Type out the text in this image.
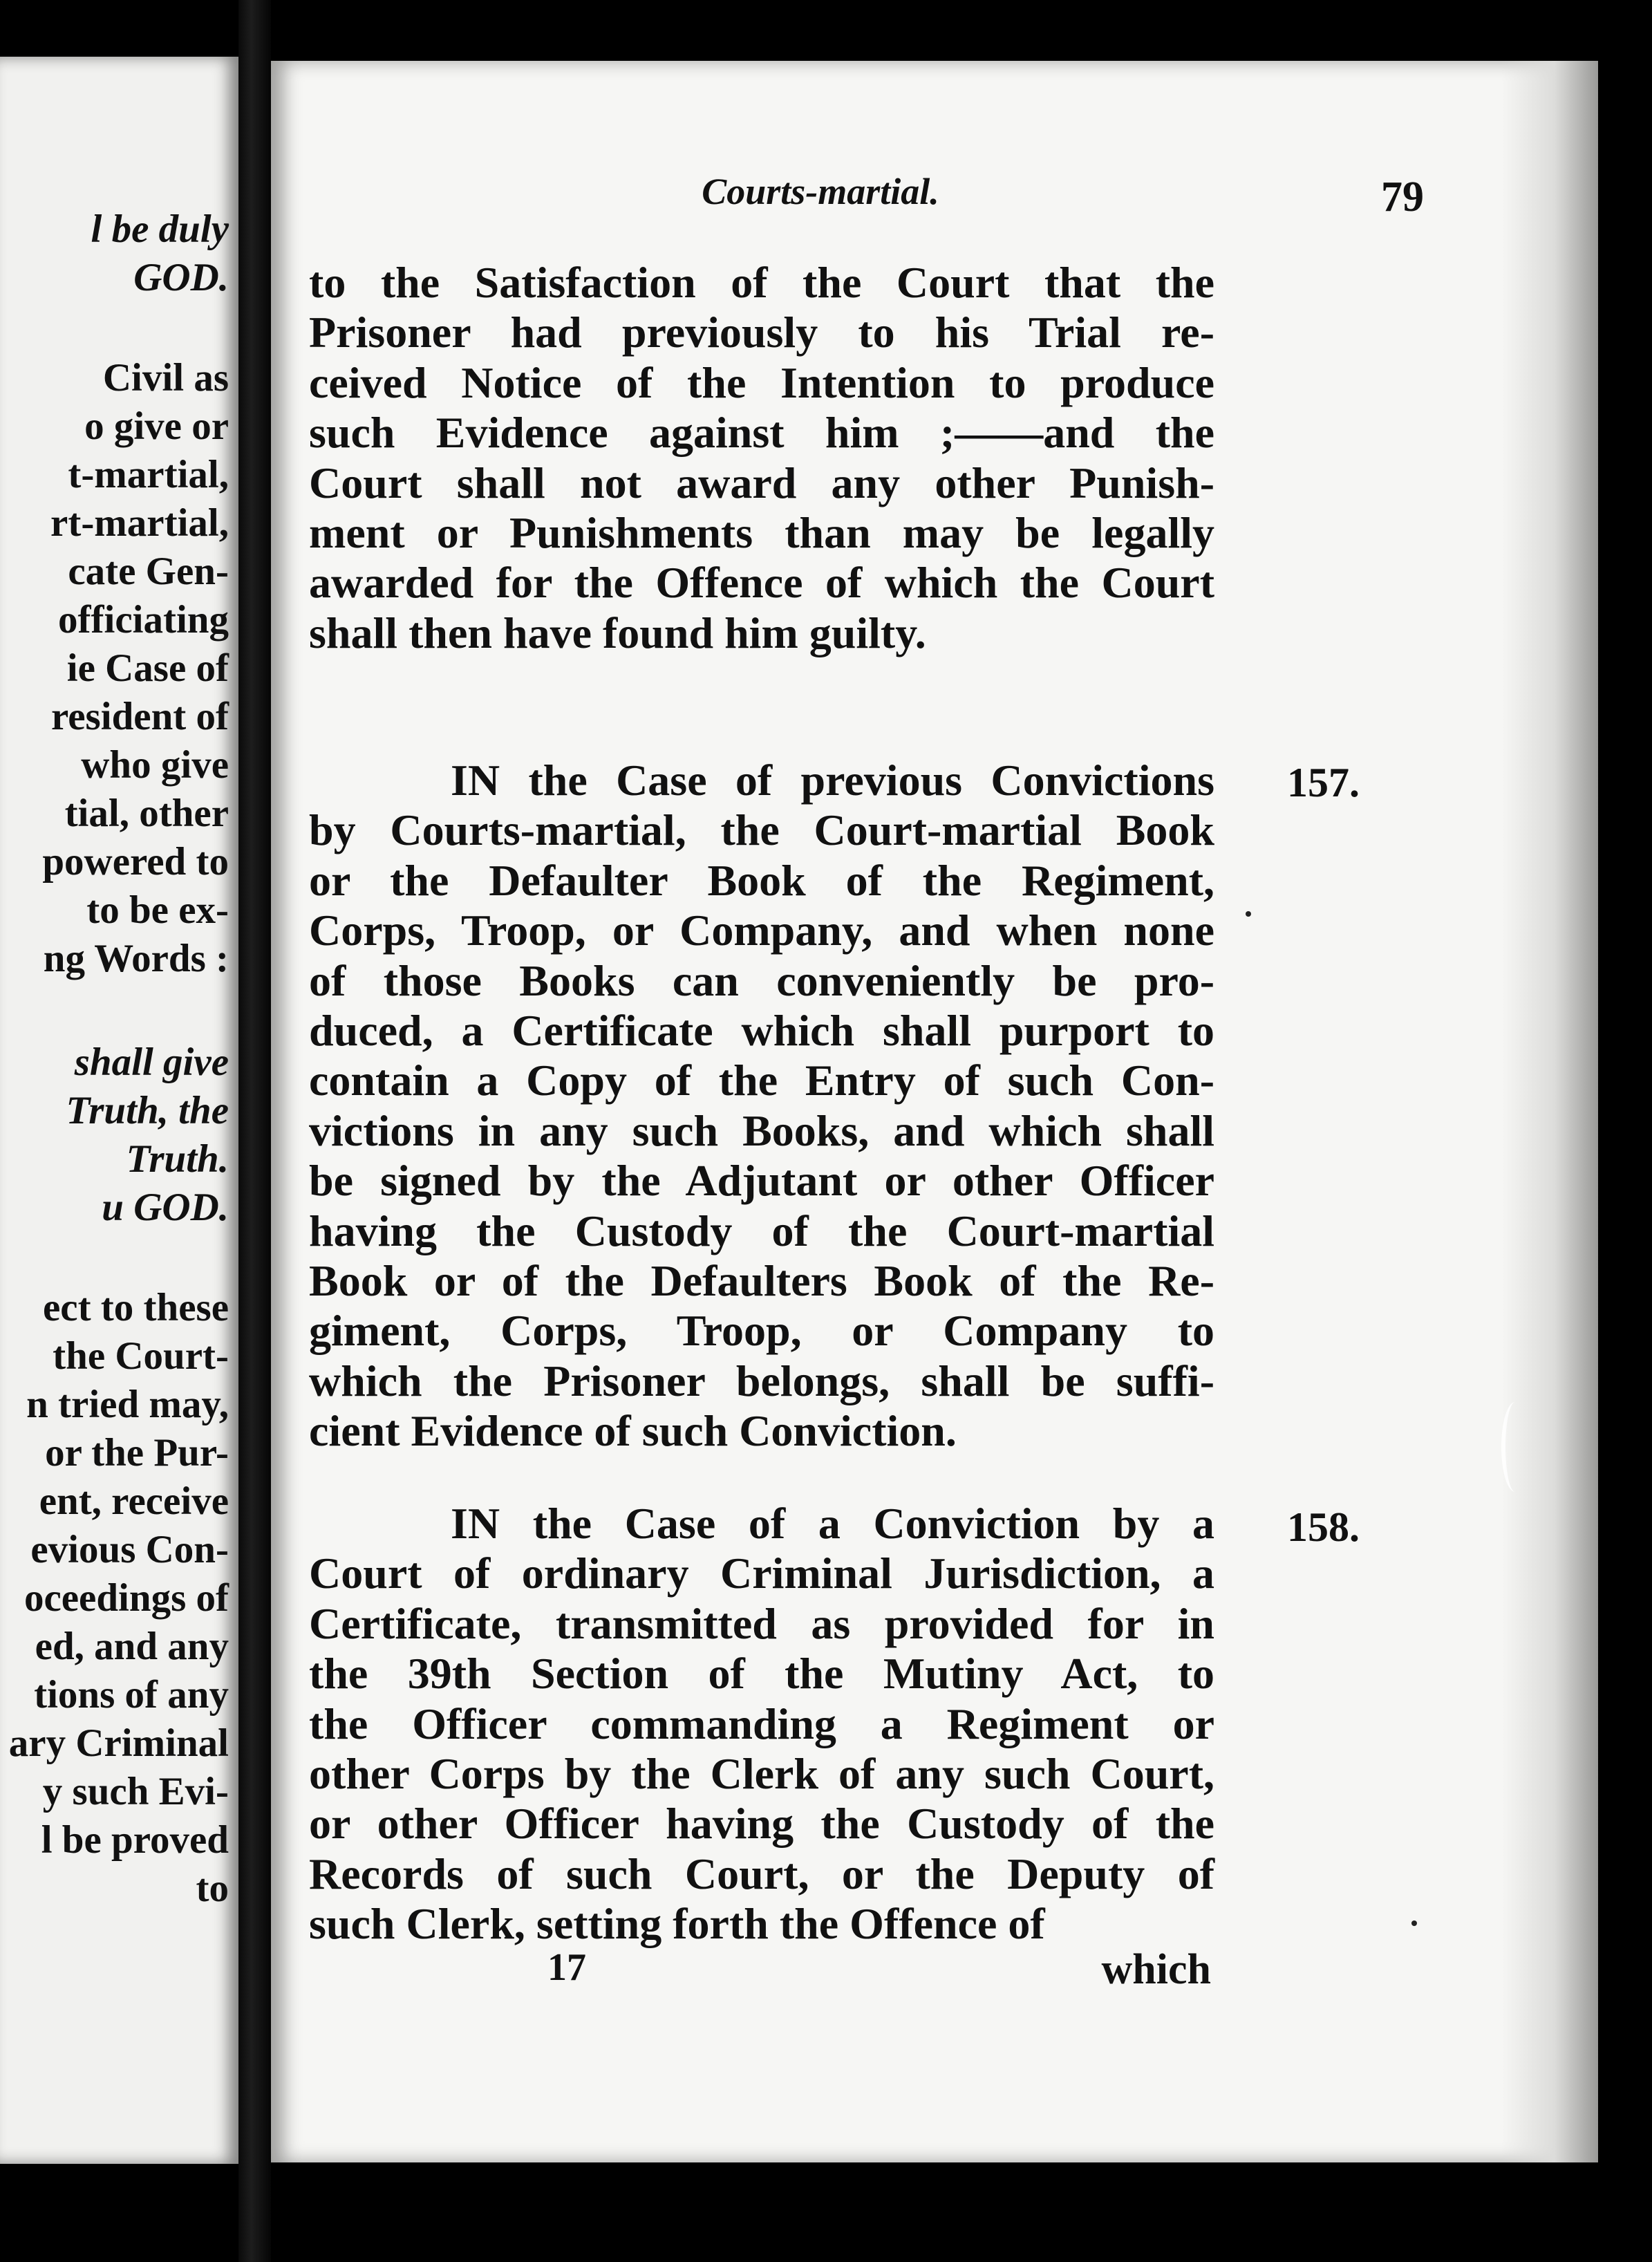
l be duly
GOD.
Civil as
o give or
t-martial,
rt-martial,
cate Gen-
officiating
ie Case of
resident of
who give
tial, other
powered to
to be ex-
ng Words :
shall give
Truth, the
Truth.
u GOD.
ect to these
the Court-
n tried may,
or the Pur-
ent, receive
evious Con-
oceedings of
ed, and any
tions of any
ary Criminal
y such Evi-
l be proved
to
Courts-martial.	79
to the Satisfaction of the Court that the
Prisoner had previously to his Trial re-
ceived Notice of the Intention to produce
such Evidence against him ;——and the
Court shall not award any other Punish-
ment or Punishments than may be legally
awarded for the Offence of which the Court
shall then have found him guilty.
157.
IN the Case of previous Convictions
by Courts-martial, the Court-martial Book
or the Defaulter Book of the Regiment,
Corps, Troop, or Company, and when none
of those Books can conveniently be pro-
duced, a Certificate which shall purport to
contain a Copy of the Entry of such Con-
victions in any such Books, and which shall
be signed by the Adjutant or other Officer
having the Custody of the Court-martial
Book or of the Defaulters Book of the Re-
giment, Corps, Troop, or Company to
which the Prisoner belongs, shall be suffi-
cient Evidence of such Conviction.
158.
IN the Case of a Conviction by a
Court of ordinary Criminal Jurisdiction, a
Certificate, transmitted as provided for in
the 39th Section of the Mutiny Act, to
the Officer commanding a Regiment or
other Corps by the Clerk of any such Court,
or other Officer having the Custody of the
Records of such Court, or the Deputy of
such Clerk, setting forth the Offence of
17	which
